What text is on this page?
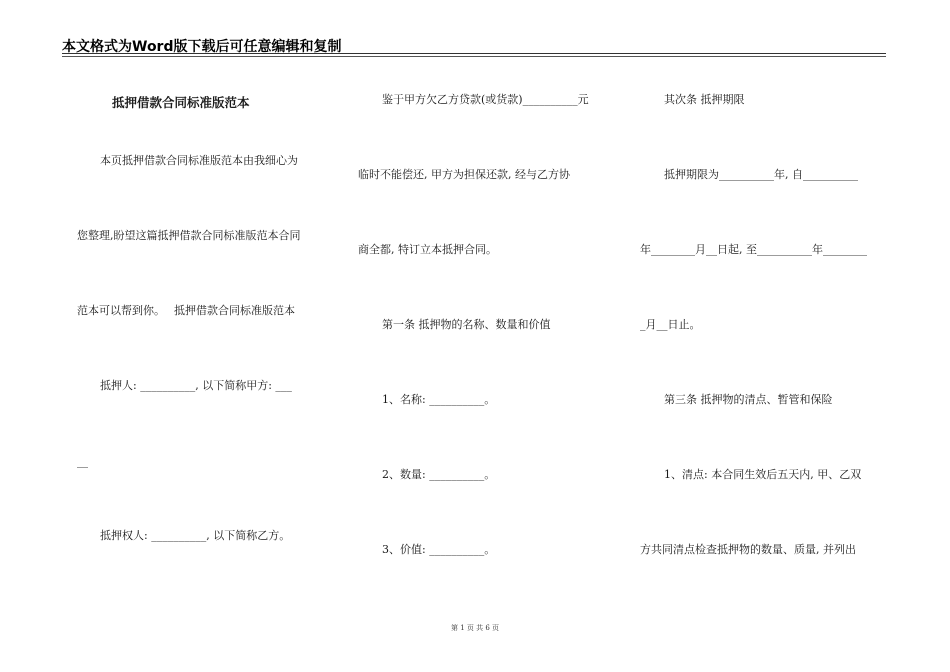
本文格式为Word版下载后可任意编辑和复制
抵押借款合同标准版范本
本页抵押借款合同标准版范本由我细心为
您整理,盼望这篇抵押借款合同标准版范本合同
范本可以帮到你。　 抵押借款合同标准版范本
抵押人: __________, 以下简称甲方: ___
__
抵押权人: __________, 以下简称乙方。
鉴于甲方欠乙方贷款(或货款)__________元
临时不能偿还, 甲方为担保还款, 经与乙方协
商全都, 特订立本抵押合同。
第一条 抵押物的名称、数量和价值
1、名称: __________。
2、数量: __________。
3、价值: __________。
其次条 抵押期限
抵押期限为__________年, 自__________
年________月__日起, 至__________年________
_月__日止。
第三条 抵押物的清点、暂管和保险
1、清点: 本合同生效后五天内, 甲、乙双
方共同清点检查抵押物的数量、质量, 并列出
第 1 页 共 6 页
